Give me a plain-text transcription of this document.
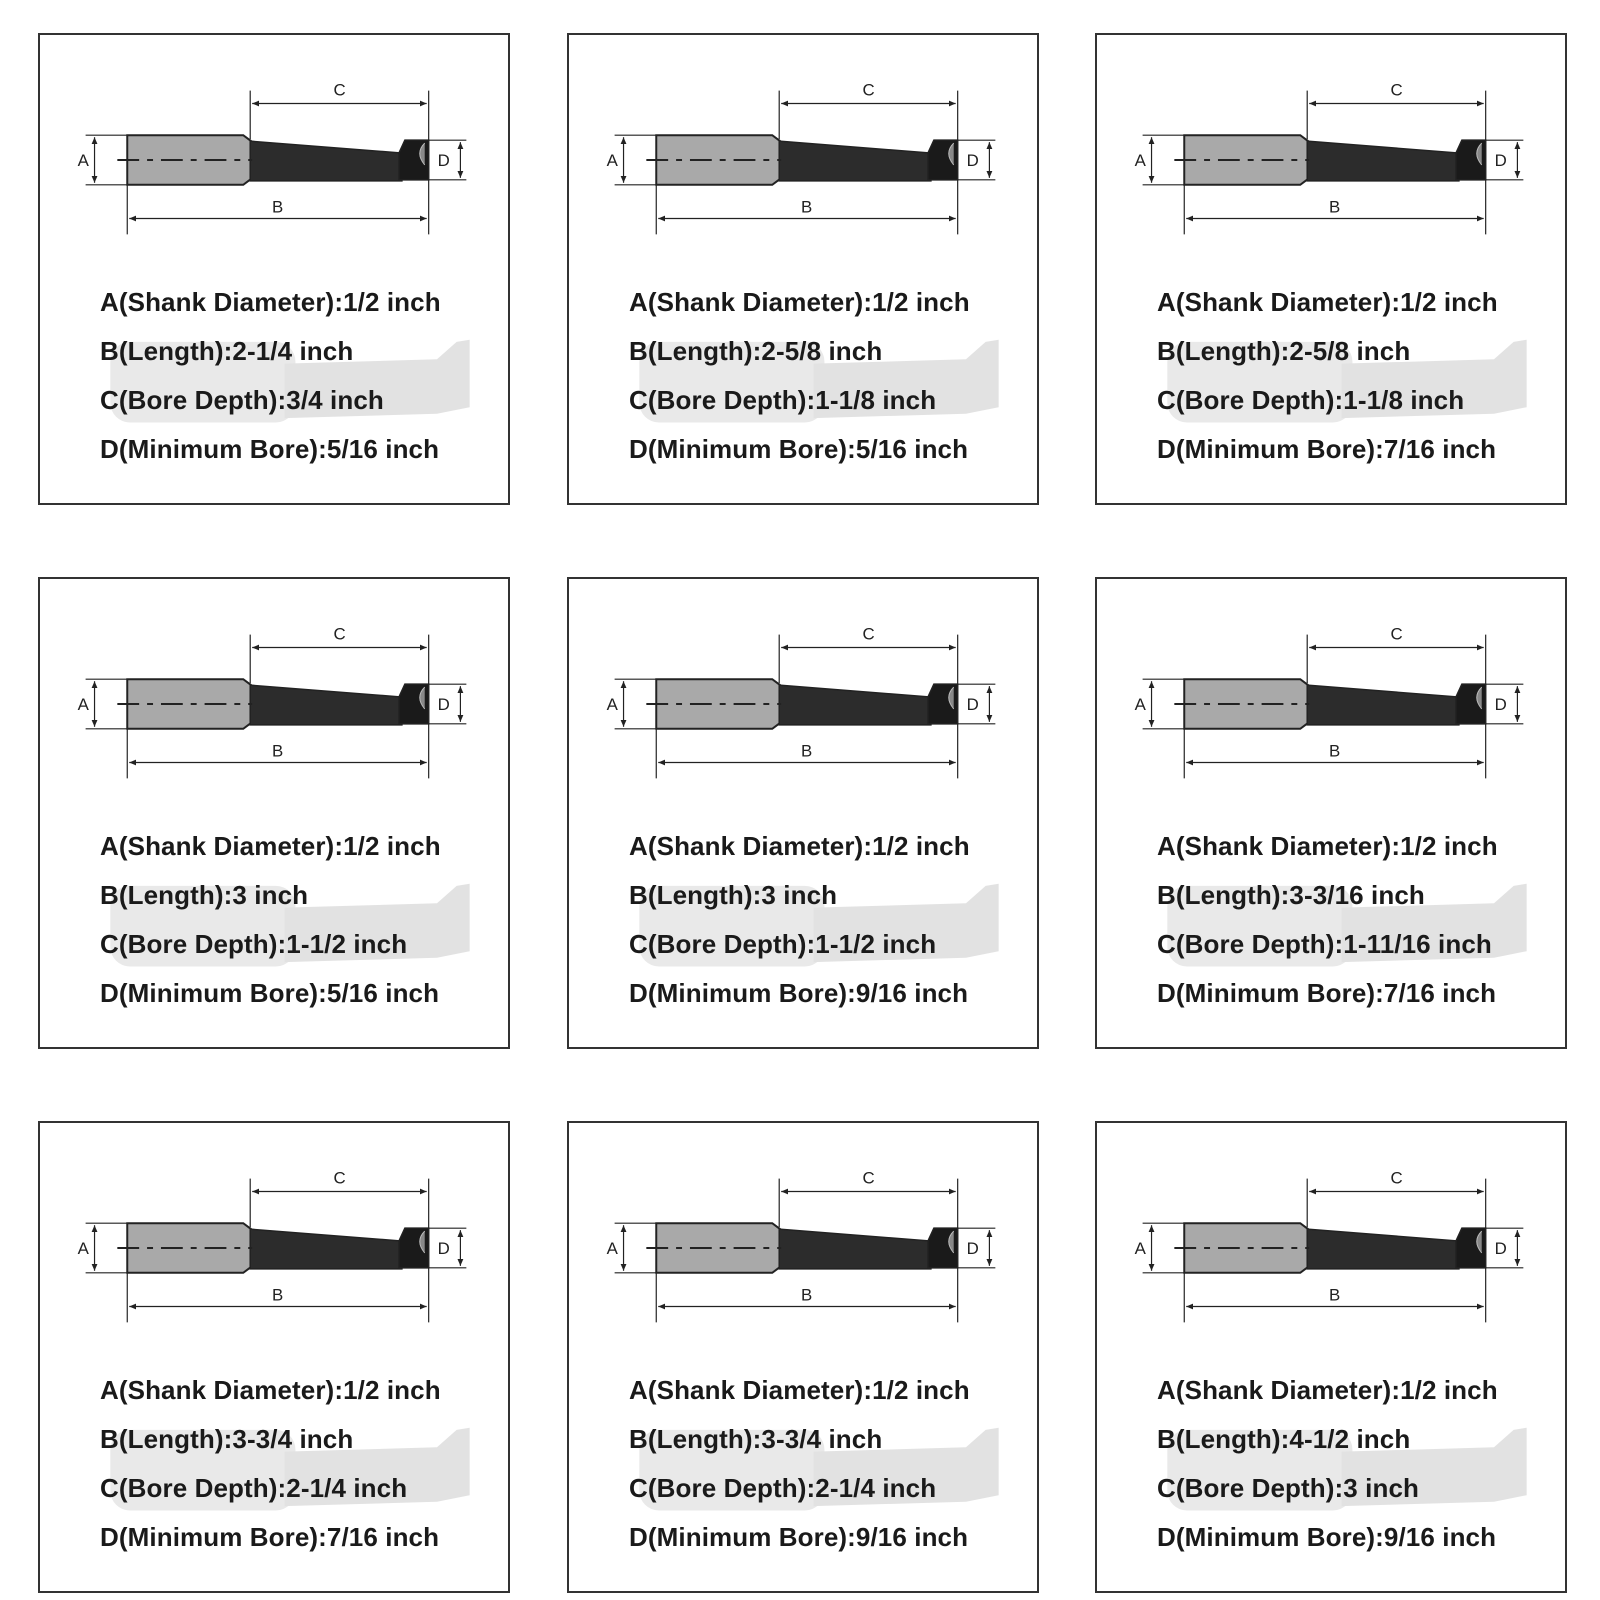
A	D
C
B
A(Shank Diameter):1/2 inch
B(Length):2-1/4 inch
C(Bore Depth):3/4 inch
D(Minimum Bore):5/16 inch
A	D
C
B
A(Shank Diameter):1/2 inch
B(Length):2-5/8 inch
C(Bore Depth):1-1/8 inch
D(Minimum Bore):5/16 inch
A	D
C
B
A(Shank Diameter):1/2 inch
B(Length):2-5/8 inch
C(Bore Depth):1-1/8 inch
D(Minimum Bore):7/16 inch
A	D
C
B
A(Shank Diameter):1/2 inch
B(Length):3 inch
C(Bore Depth):1-1/2 inch
D(Minimum Bore):5/16 inch
A	D
C
B
A(Shank Diameter):1/2 inch
B(Length):3 inch
C(Bore Depth):1-1/2 inch
D(Minimum Bore):9/16 inch
A	D
C
B
A(Shank Diameter):1/2 inch
B(Length):3-3/16 inch
C(Bore Depth):1-11/16 inch
D(Minimum Bore):7/16 inch
A	D
C
B
A(Shank Diameter):1/2 inch
B(Length):3-3/4 inch
C(Bore Depth):2-1/4 inch
D(Minimum Bore):7/16 inch
A	D
C
B
A(Shank Diameter):1/2 inch
B(Length):3-3/4 inch
C(Bore Depth):2-1/4 inch
D(Minimum Bore):9/16 inch
A	D
C
B
A(Shank Diameter):1/2 inch
B(Length):4-1/2 inch
C(Bore Depth):3 inch
D(Minimum Bore):9/16 inch
